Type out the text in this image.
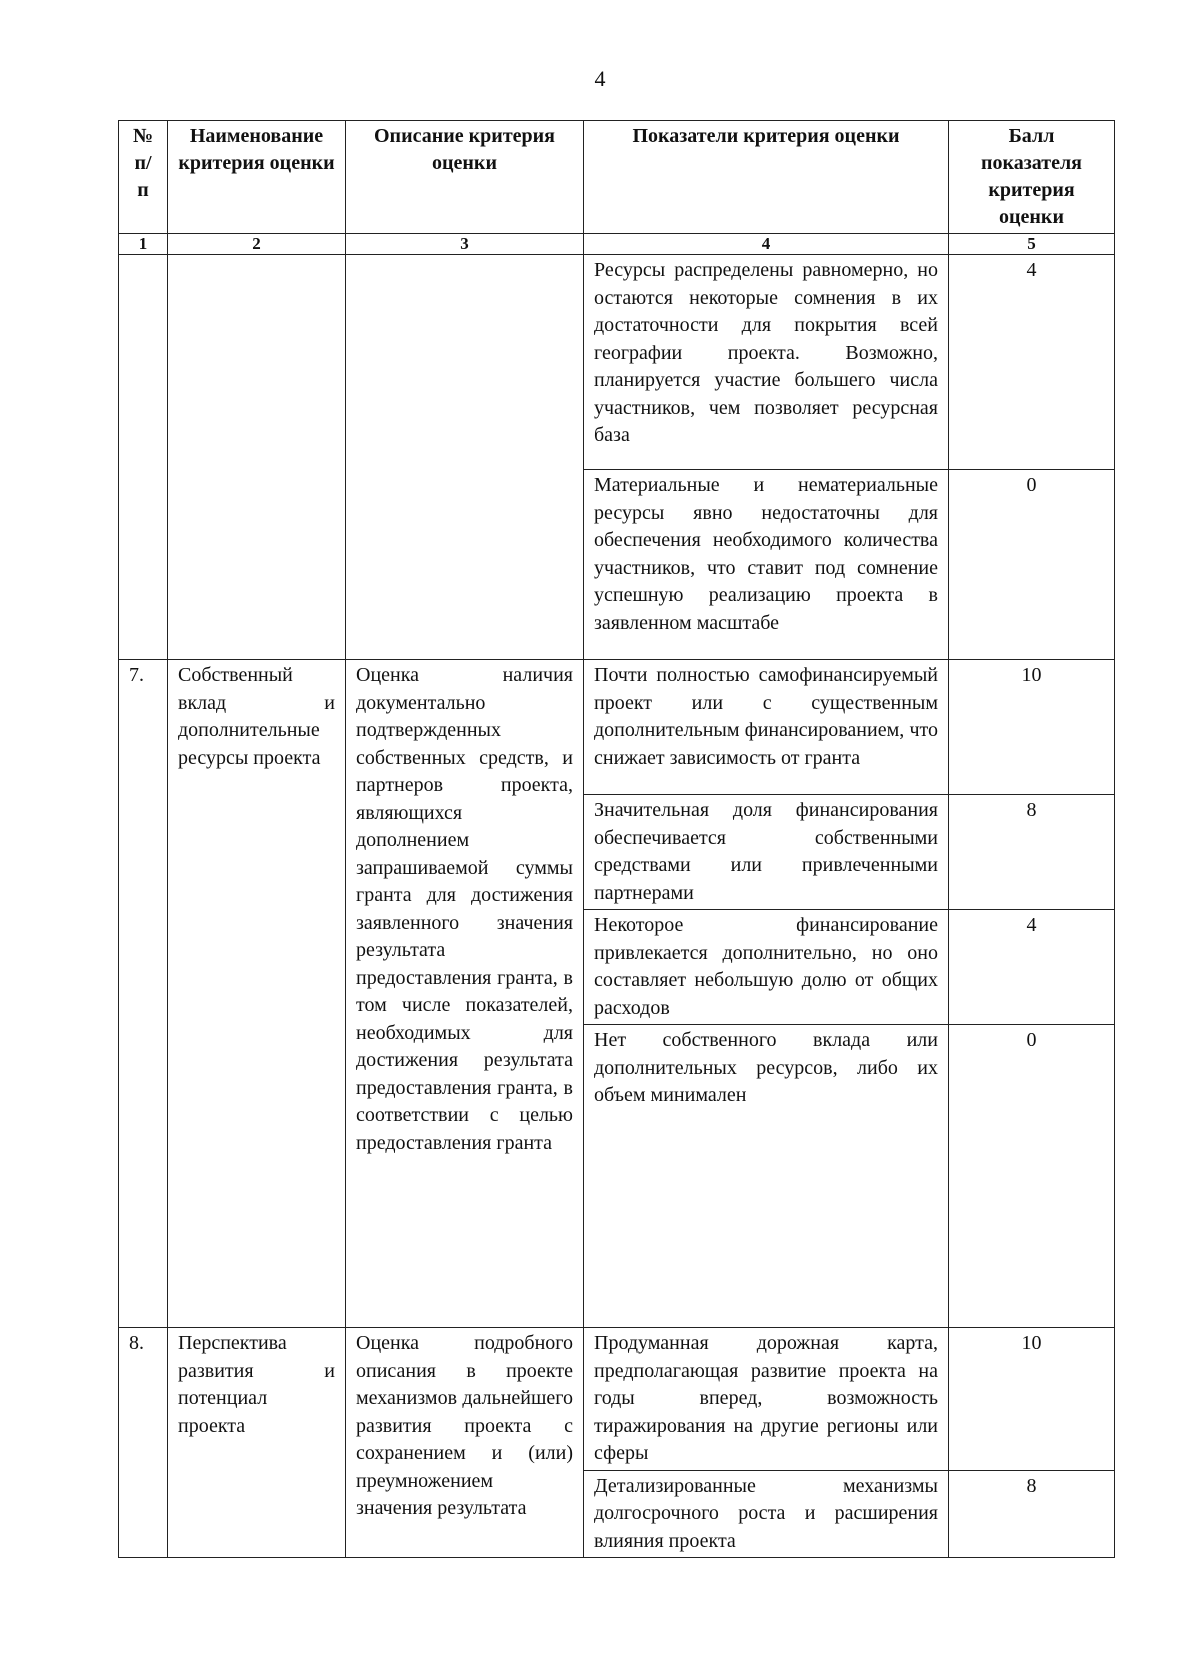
4
№ п/п	Наименование критерия оценки	Описание критерия оценки	Показатели критерия оценки	Балл показателя критерия оценки
1	2	3	4	5
			Ресурсы распределены равномерно, но остаются некоторые сомнения в их достаточности для покрытия всей географии проекта. Возможно, планируется участие большего числа участников, чем позволяет ресурсная база	4
			Материальные и нематериальные ресурсы явно недостаточны для обеспечения необходимого количества участников, что ставит под сомнение успешную реализацию проекта в заявленном масштабе	0
7.	Собственный вклад и дополнительные ресурсы проекта	Оценка наличия документально подтвержденных собственных средств, и партнеров проекта, являющихся дополнением запрашиваемой суммы гранта для достижения заявленного значения результата предоставления гранта, в том числе показателей, необходимых для достижения результата предоставления гранта, в соответствии с целью предоставления гранта	Почти полностью самофинансируемый проект или с существенным дополнительным финансированием, что снижает зависимость от гранта	10
			Значительная доля финансирования обеспечивается собственными средствами или привлеченными партнерами	8
			Некоторое финансирование привлекается дополнительно, но оно составляет небольшую долю от общих расходов	4
			Нет собственного вклада или дополнительных ресурсов, либо их объем минимален	0
8.	Перспектива развития и потенциал проекта	Оценка подробного описания в проекте механизмов дальнейшего развития проекта с сохранением и (или) преумножением значения результата	Продуманная дорожная карта, предполагающая развитие проекта на годы вперед, возможность тиражирования на другие регионы или сферы	10
			Детализированные механизмы долгосрочного роста и расширения влияния проекта	8
